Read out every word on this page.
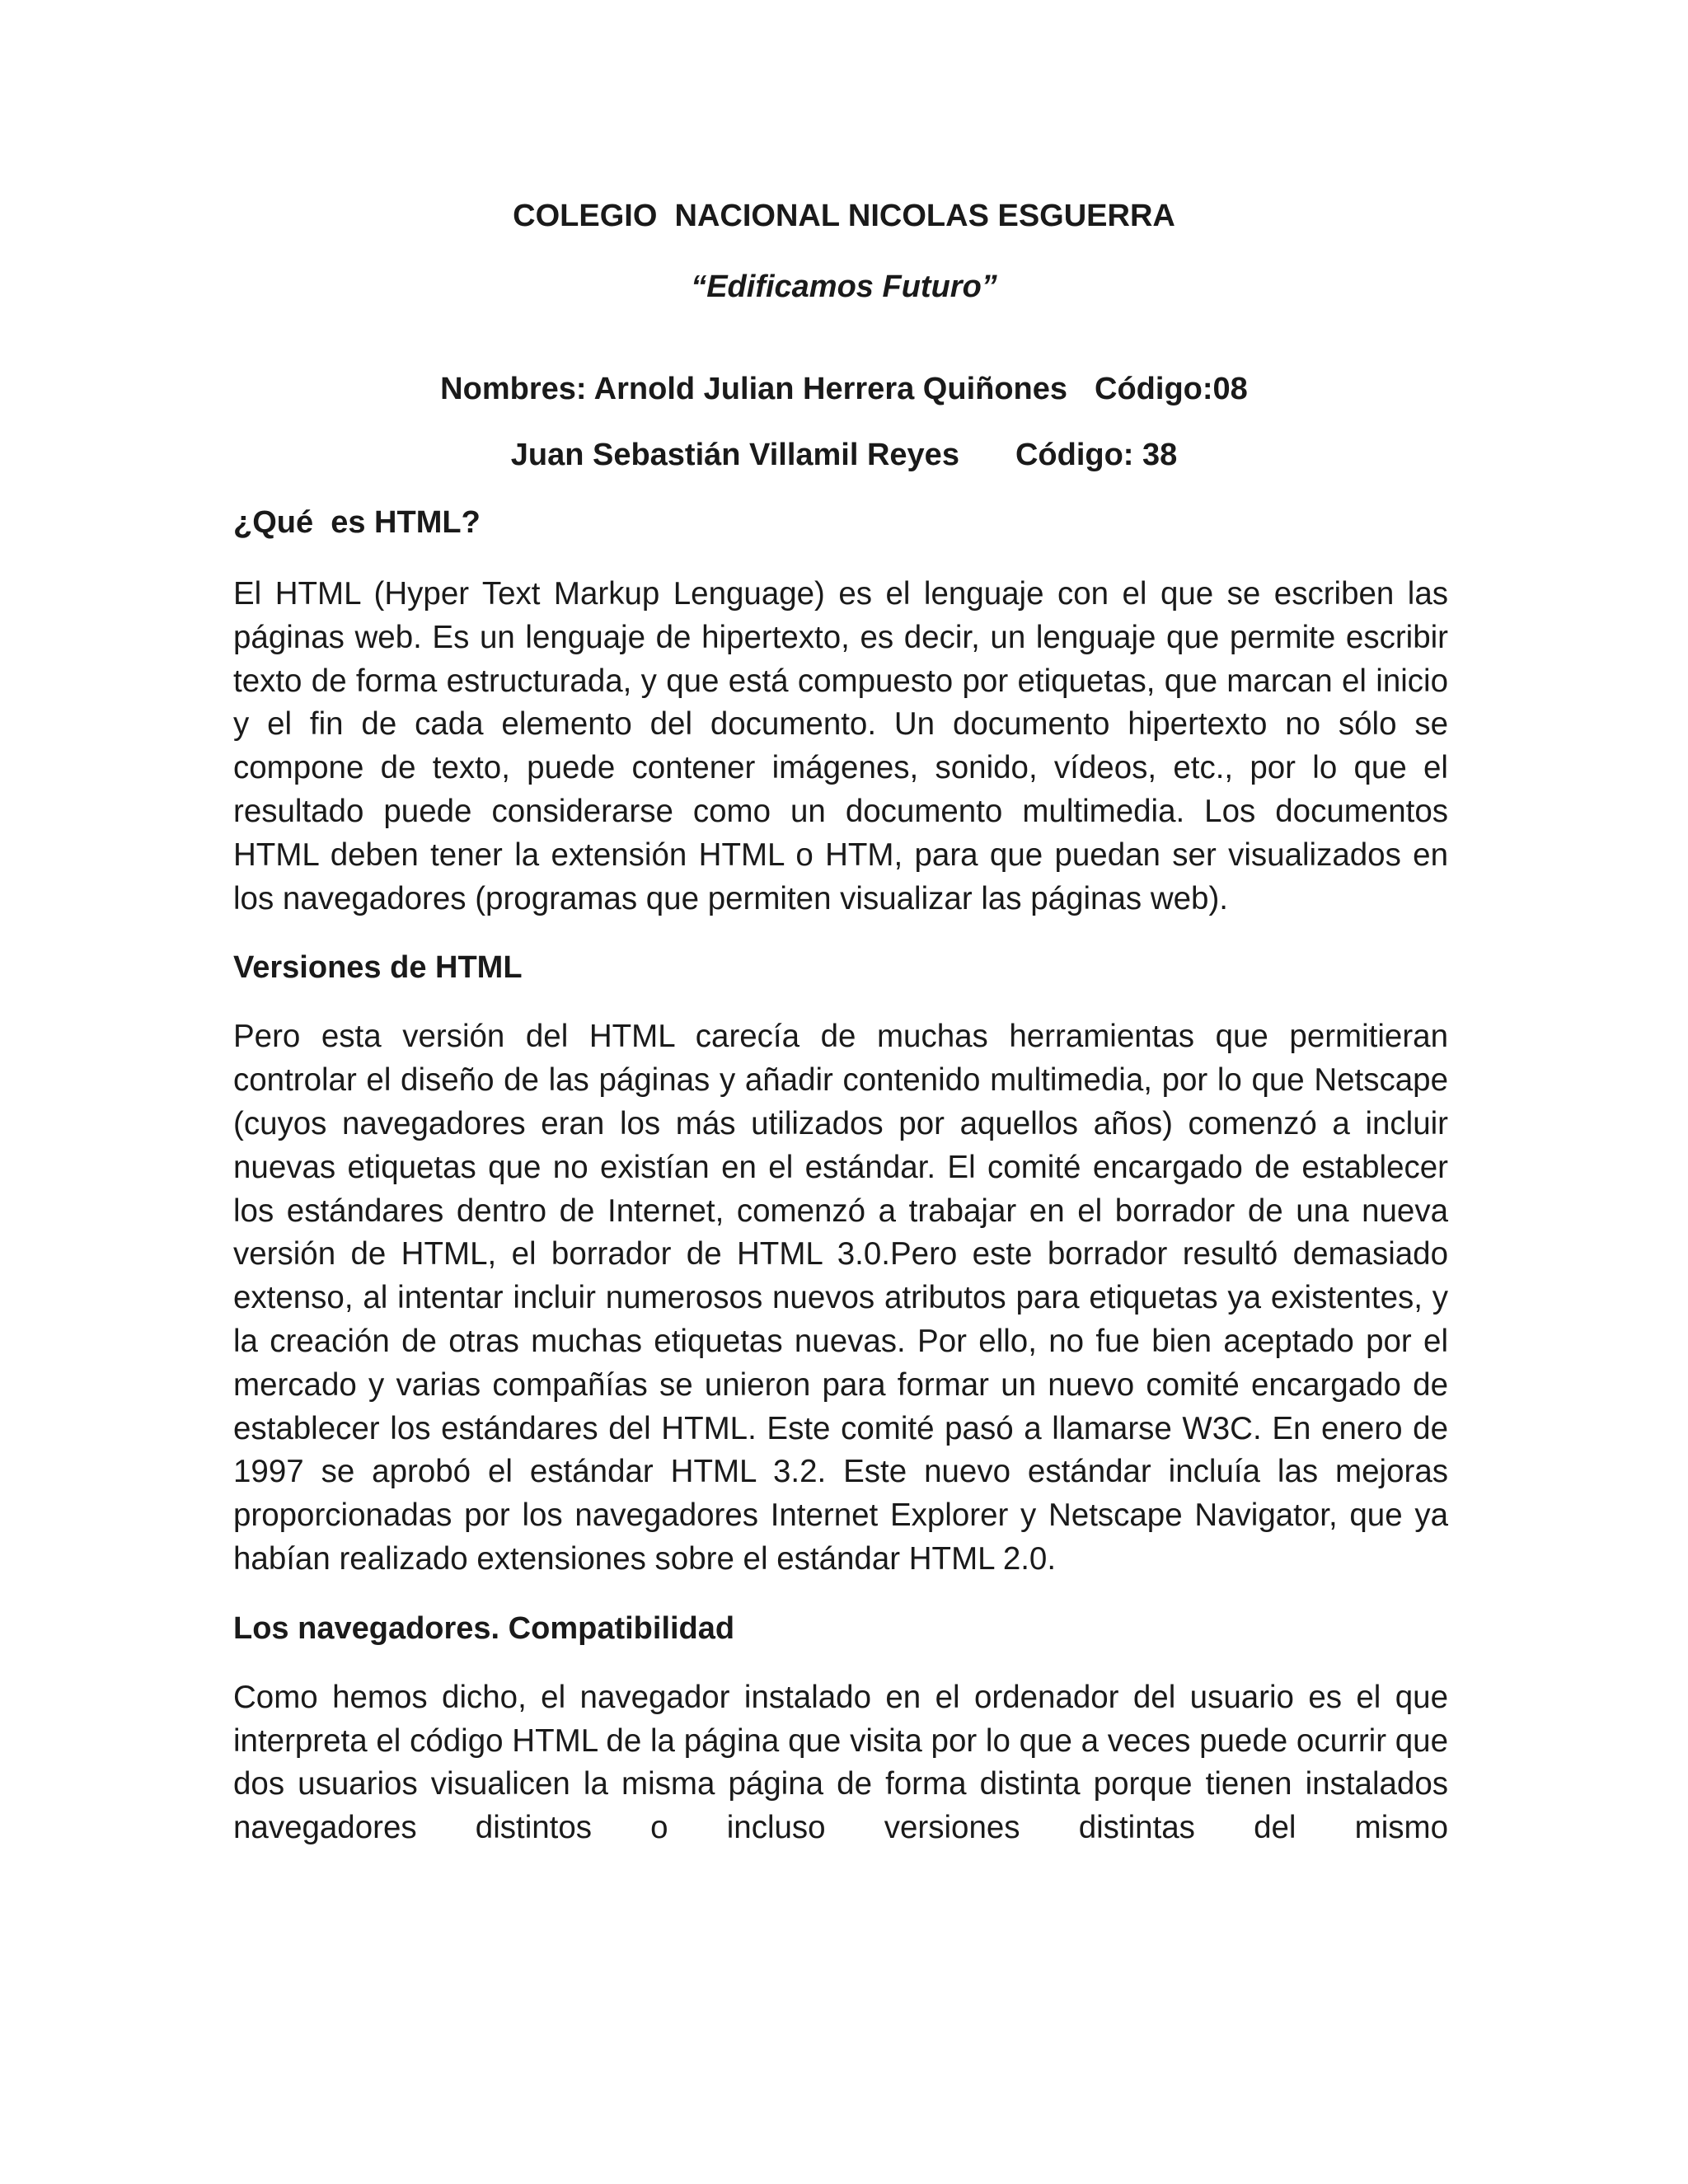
COLEGIO  NACIONAL NICOLAS ESGUERRA
“Edificamos Futuro”
Nombres: Arnold Julian Herrera Quiñones Código:08
Juan Sebastián Villamil Reyes Código: 38
¿Qué  es HTML?

El HTML (Hyper Text Markup Lenguage) es el lenguaje con el que se escriben las páginas web. Es un lenguaje de hipertexto, es decir, un lenguaje que permite escribir texto de forma estructurada, y que está compuesto por etiquetas, que marcan el inicio y el fin de cada elemento del documento. Un documento hipertexto no sólo se compone de texto, puede contener imágenes, sonido, vídeos, etc., por lo que el resultado puede considerarse como un documento multimedia. Los documentos HTML deben tener la extensión HTML o HTM, para que puedan ser visualizados en los navegadores (programas que permiten visualizar las páginas web).

Versiones de HTML

Pero esta versión del HTML carecía de muchas herramientas que permitieran controlar el diseño de las páginas y añadir contenido multimedia, por lo que Netscape (cuyos navegadores eran los más utilizados por aquellos años) comenzó a incluir nuevas etiquetas que no existían en el estándar. El comité encargado de establecer los estándares dentro de Internet, comenzó a trabajar en el borrador de una nueva versión de HTML, el borrador de HTML 3.0.Pero este borrador resultó demasiado extenso, al intentar incluir numerosos nuevos atributos para etiquetas ya existentes, y la creación de otras muchas etiquetas nuevas. Por ello, no fue bien aceptado por el mercado y varias compañías se unieron para formar un nuevo comité encargado de establecer los estándares del HTML. Este comité pasó a llamarse W3C. En enero de 1997 se aprobó el estándar HTML 3.2. Este nuevo estándar incluía las mejoras proporcionadas por los navegadores Internet Explorer y Netscape Navigator, que ya habían realizado extensiones sobre el estándar HTML 2.0.

Los navegadores. Compatibilidad

Como hemos dicho, el navegador instalado en el ordenador del usuario es el que interpreta el código HTML de la página que visita por lo que a veces puede ocurrir que dos usuarios visualicen la misma página de forma distinta porque tienen instalados navegadores distintos o incluso versiones distintas del mismo
